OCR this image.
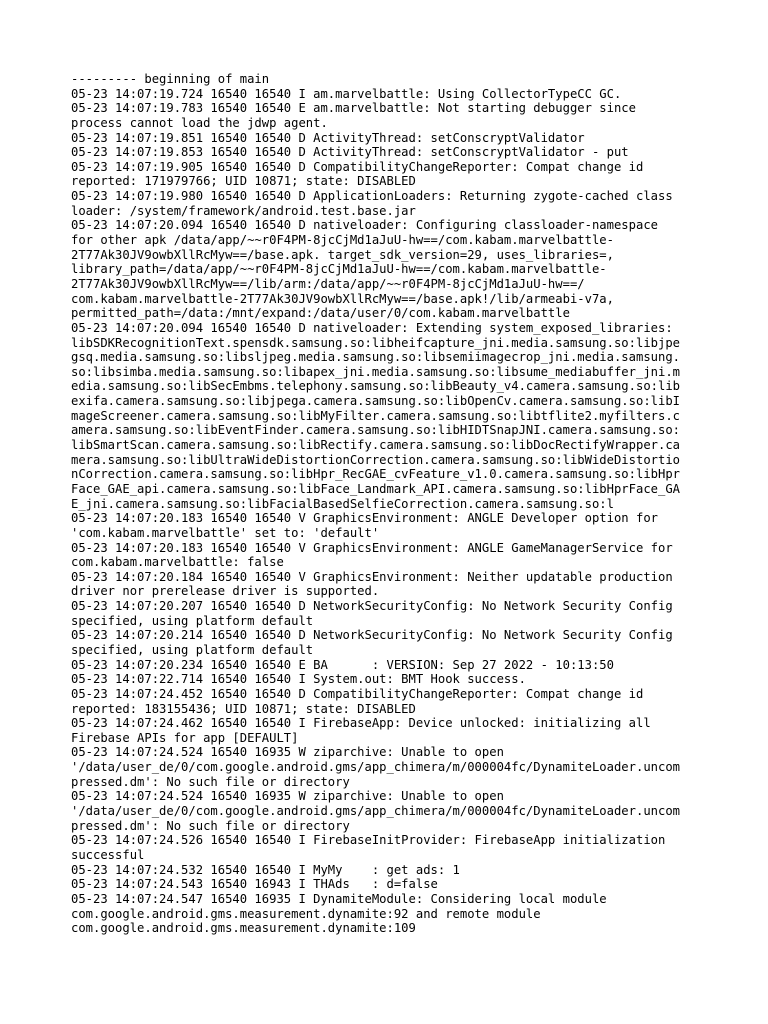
--------- beginning of main
05-23 14:07:19.724 16540 16540 I am.marvelbattle: Using CollectorTypeCC GC.
05-23 14:07:19.783 16540 16540 E am.marvelbattle: Not starting debugger since
process cannot load the jdwp agent.
05-23 14:07:19.851 16540 16540 D ActivityThread: setConscryptValidator
05-23 14:07:19.853 16540 16540 D ActivityThread: setConscryptValidator - put
05-23 14:07:19.905 16540 16540 D CompatibilityChangeReporter: Compat change id
reported: 171979766; UID 10871; state: DISABLED
05-23 14:07:19.980 16540 16540 D ApplicationLoaders: Returning zygote-cached class
loader: /system/framework/android.test.base.jar
05-23 14:07:20.094 16540 16540 D nativeloader: Configuring classloader-namespace
for other apk /data/app/~~r0F4PM-8jcCjMd1aJuU-hw==/com.kabam.marvelbattle-
2T77Ak30JV9owbXllRcMyw==/base.apk. target_sdk_version=29, uses_libraries=,
library_path=/data/app/~~r0F4PM-8jcCjMd1aJuU-hw==/com.kabam.marvelbattle-
2T77Ak30JV9owbXllRcMyw==/lib/arm:/data/app/~~r0F4PM-8jcCjMd1aJuU-hw==/
com.kabam.marvelbattle-2T77Ak30JV9owbXllRcMyw==/base.apk!/lib/armeabi-v7a,
permitted_path=/data:/mnt/expand:/data/user/0/com.kabam.marvelbattle
05-23 14:07:20.094 16540 16540 D nativeloader: Extending system_exposed_libraries:
libSDKRecognitionText.spensdk.samsung.so:libheifcapture_jni.media.samsung.so:libjpe
gsq.media.samsung.so:libsljpeg.media.samsung.so:libsemiimagecrop_jni.media.samsung.
so:libsimba.media.samsung.so:libapex_jni.media.samsung.so:libsume_mediabuffer_jni.m
edia.samsung.so:libSecEmbms.telephony.samsung.so:libBeauty_v4.camera.samsung.so:lib
exifa.camera.samsung.so:libjpega.camera.samsung.so:libOpenCv.camera.samsung.so:libI
mageScreener.camera.samsung.so:libMyFilter.camera.samsung.so:libtflite2.myfilters.c
amera.samsung.so:libEventFinder.camera.samsung.so:libHIDTSnapJNI.camera.samsung.so:
libSmartScan.camera.samsung.so:libRectify.camera.samsung.so:libDocRectifyWrapper.ca
mera.samsung.so:libUltraWideDistortionCorrection.camera.samsung.so:libWideDistortio
nCorrection.camera.samsung.so:libHpr_RecGAE_cvFeature_v1.0.camera.samsung.so:libHpr
Face_GAE_api.camera.samsung.so:libFace_Landmark_API.camera.samsung.so:libHprFace_GA
E_jni.camera.samsung.so:libFacialBasedSelfieCorrection.camera.samsung.so:l
05-23 14:07:20.183 16540 16540 V GraphicsEnvironment: ANGLE Developer option for
'com.kabam.marvelbattle' set to: 'default'
05-23 14:07:20.183 16540 16540 V GraphicsEnvironment: ANGLE GameManagerService for
com.kabam.marvelbattle: false
05-23 14:07:20.184 16540 16540 V GraphicsEnvironment: Neither updatable production
driver nor prerelease driver is supported.
05-23 14:07:20.207 16540 16540 D NetworkSecurityConfig: No Network Security Config
specified, using platform default
05-23 14:07:20.214 16540 16540 D NetworkSecurityConfig: No Network Security Config
specified, using platform default
05-23 14:07:20.234 16540 16540 E BA      : VERSION: Sep 27 2022 - 10:13:50
05-23 14:07:22.714 16540 16540 I System.out: BMT Hook success.
05-23 14:07:24.452 16540 16540 D CompatibilityChangeReporter: Compat change id
reported: 183155436; UID 10871; state: DISABLED
05-23 14:07:24.462 16540 16540 I FirebaseApp: Device unlocked: initializing all
Firebase APIs for app [DEFAULT]
05-23 14:07:24.524 16540 16935 W ziparchive: Unable to open
'/data/user_de/0/com.google.android.gms/app_chimera/m/000004fc/DynamiteLoader.uncom
pressed.dm': No such file or directory
05-23 14:07:24.524 16540 16935 W ziparchive: Unable to open
'/data/user_de/0/com.google.android.gms/app_chimera/m/000004fc/DynamiteLoader.uncom
pressed.dm': No such file or directory
05-23 14:07:24.526 16540 16540 I FirebaseInitProvider: FirebaseApp initialization
successful
05-23 14:07:24.532 16540 16540 I MyMy    : get ads: 1
05-23 14:07:24.543 16540 16943 I THAds   : d=false
05-23 14:07:24.547 16540 16935 I DynamiteModule: Considering local module
com.google.android.gms.measurement.dynamite:92 and remote module
com.google.android.gms.measurement.dynamite:109
